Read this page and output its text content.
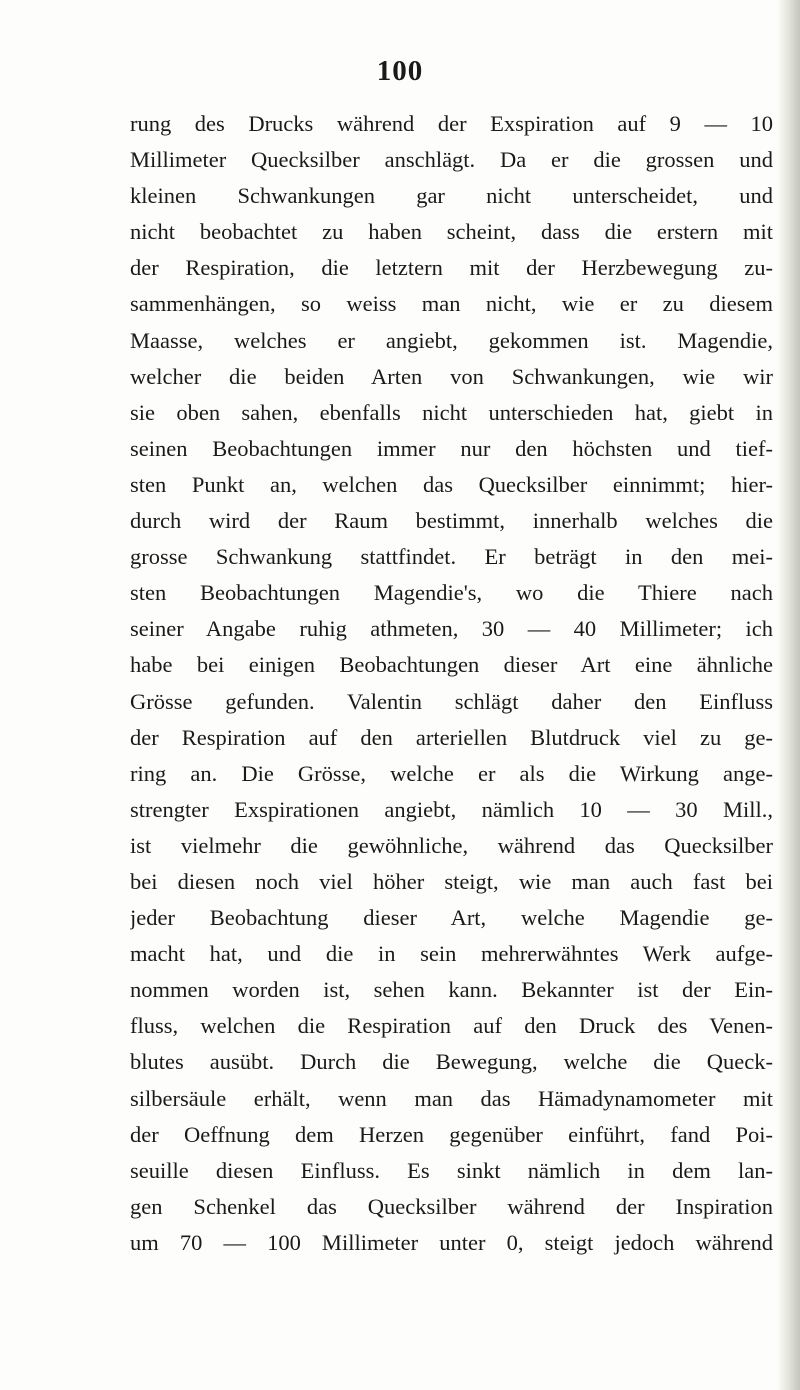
100
rung des Drucks während der Exspiration auf 9 — 10
Millimeter Quecksilber anschlägt. Da er die grossen und
kleinen Schwankungen gar nicht unterscheidet, und
nicht beobachtet zu haben scheint, dass die erstern mit
der Respiration, die letztern mit der Herzbewegung zu-
sammenhängen, so weiss man nicht, wie er zu diesem
Maasse, welches er angiebt, gekommen ist. Magendie,
welcher die beiden Arten von Schwankungen, wie wir
sie oben sahen, ebenfalls nicht unterschieden hat, giebt in
seinen Beobachtungen immer nur den höchsten und tief-
sten Punkt an, welchen das Quecksilber einnimmt; hier-
durch wird der Raum bestimmt, innerhalb welches die
grosse Schwankung stattfindet. Er beträgt in den mei-
sten Beobachtungen Magendie's, wo die Thiere nach
seiner Angabe ruhig athmeten, 30 — 40 Millimeter; ich
habe bei einigen Beobachtungen dieser Art eine ähnliche
Grösse gefunden. Valentin schlägt daher den Einfluss
der Respiration auf den arteriellen Blutdruck viel zu ge-
ring an. Die Grösse, welche er als die Wirkung ange-
strengter Exspirationen angiebt, nämlich 10 — 30 Mill.,
ist vielmehr die gewöhnliche, während das Quecksilber
bei diesen noch viel höher steigt, wie man auch fast bei
jeder Beobachtung dieser Art, welche Magendie ge-
macht hat, und die in sein mehrerwähntes Werk aufge-
nommen worden ist, sehen kann. Bekannter ist der Ein-
fluss, welchen die Respiration auf den Druck des Venen-
blutes ausübt. Durch die Bewegung, welche die Queck-
silbersäule erhält, wenn man das Hämadynamometer mit
der Oeffnung dem Herzen gegenüber einführt, fand Poi-
seuille diesen Einfluss. Es sinkt nämlich in dem lan-
gen Schenkel das Quecksilber während der Inspiration
um 70 — 100 Millimeter unter 0, steigt jedoch während
